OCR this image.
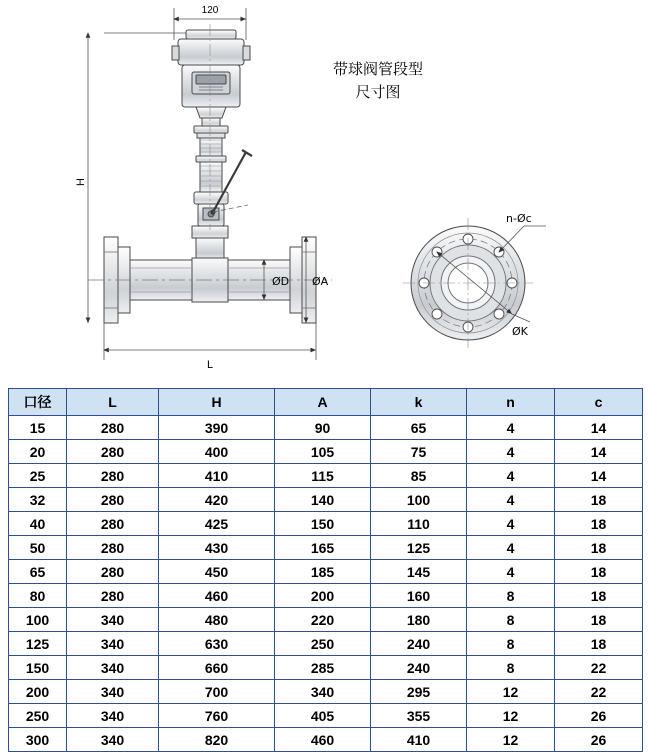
120
H
L
ØD ØA
n-Øc
ØK
带球阀管段型
尺寸图
口径	L	H	A	k	n	c
15	280	390	90	65	4	14
20	280	400	105	75	4	14
25	280	410	115	85	4	14
32	280	420	140	100	4	18
40	280	425	150	110	4	18
50	280	430	165	125	4	18
65	280	450	185	145	4	18
80	280	460	200	160	8	18
100	340	480	220	180	8	18
125	340	630	250	240	8	18
150	340	660	285	240	8	22
200	340	700	340	295	12	22
250	340	760	405	355	12	26
300	340	820	460	410	12	26
